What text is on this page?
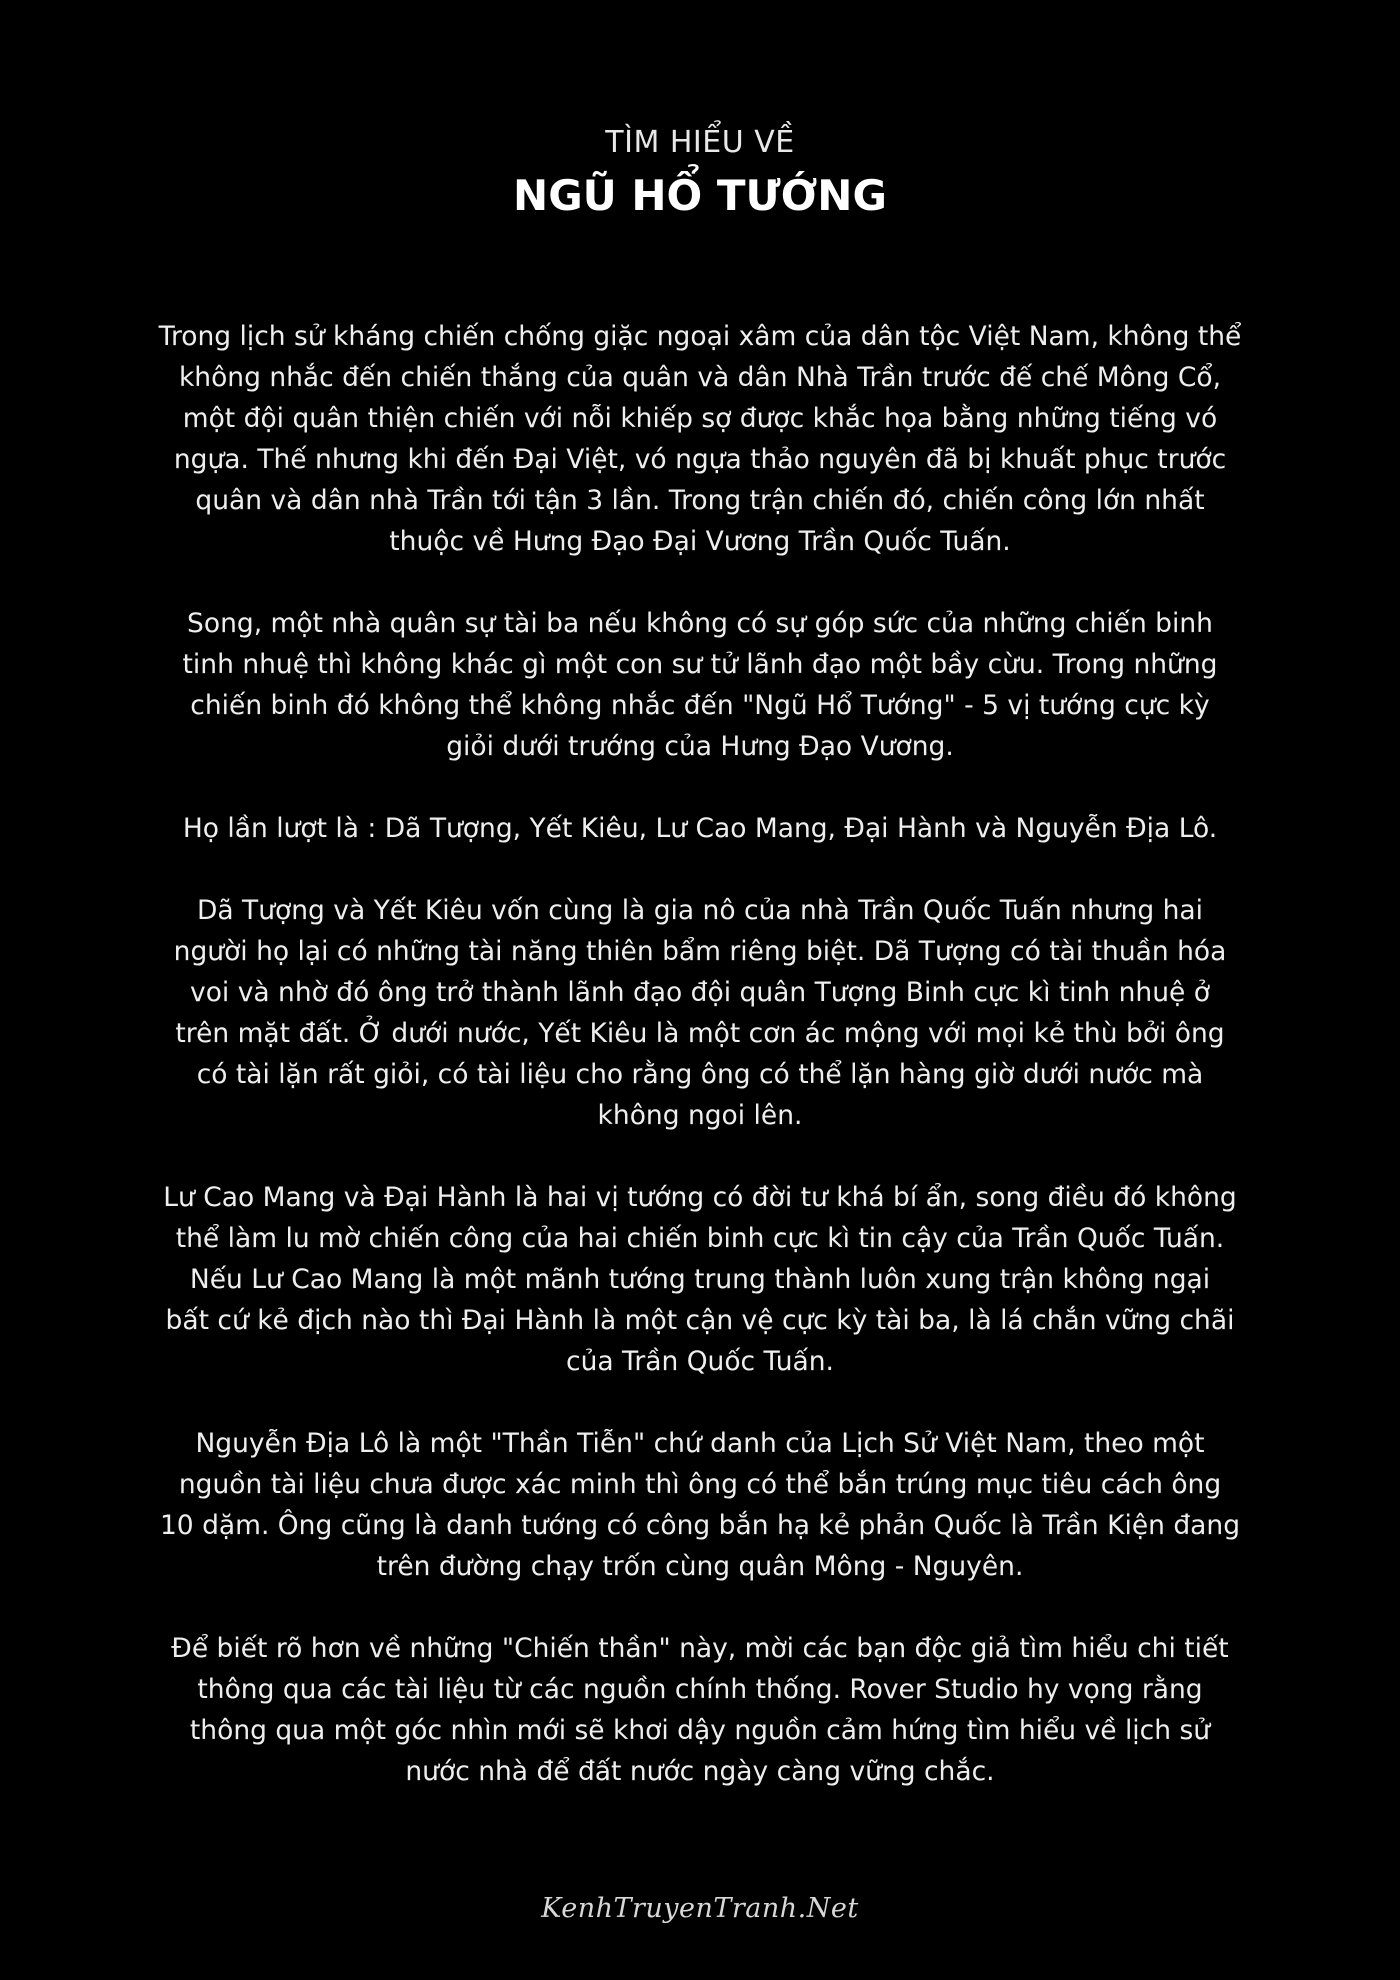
TÌM HIỂU VỀ
NGŨ HỔ TƯỚNG

Trong lịch sử kháng chiến chống giặc ngoại xâm của dân tộc Việt Nam, không thể
không nhắc đến chiến thắng của quân và dân Nhà Trần trước đế chế Mông Cổ,
một đội quân thiện chiến với nỗi khiếp sợ được khắc họa bằng những tiếng vó
ngựa. Thế nhưng khi đến Đại Việt, vó ngựa thảo nguyên đã bị khuất phục trước
quân và dân nhà Trần tới tận 3 lần. Trong trận chiến đó, chiến công lớn nhất
thuộc về Hưng Đạo Đại Vương Trần Quốc Tuấn.

Song, một nhà quân sự tài ba nếu không có sự góp sức của những chiến binh
tinh nhuệ thì không khác gì một con sư tử lãnh đạo một bầy cừu. Trong những
chiến binh đó không thể không nhắc đến "Ngũ Hổ Tướng" - 5 vị tướng cực kỳ
giỏi dưới trướng của Hưng Đạo Vương.

Họ lần lượt là : Dã Tượng, Yết Kiêu, Lư Cao Mang, Đại Hành và Nguyễn Địa Lô.

Dã Tượng và Yết Kiêu vốn cùng là gia nô của nhà Trần Quốc Tuấn nhưng hai
người họ lại có những tài năng thiên bẩm riêng biệt. Dã Tượng có tài thuần hóa
voi và nhờ đó ông trở thành lãnh đạo đội quân Tượng Binh cực kì tinh nhuệ ở
trên mặt đất. Ở dưới nước, Yết Kiêu là một cơn ác mộng với mọi kẻ thù bởi ông
có tài lặn rất giỏi, có tài liệu cho rằng ông có thể lặn hàng giờ dưới nước mà
không ngoi lên.

Lư Cao Mang và Đại Hành là hai vị tướng có đời tư khá bí ẩn, song điều đó không
thể làm lu mờ chiến công của hai chiến binh cực kì tin cậy của Trần Quốc Tuấn.
Nếu Lư Cao Mang là một mãnh tướng trung thành luôn xung trận không ngại
bất cứ kẻ địch nào thì Đại Hành là một cận vệ cực kỳ tài ba, là lá chắn vững chãi
của Trần Quốc Tuấn.

Nguyễn Địa Lô là một "Thần Tiễn" chứ danh của Lịch Sử Việt Nam, theo một
nguồn tài liệu chưa được xác minh thì ông có thể bắn trúng mục tiêu cách ông
10 dặm. Ông cũng là danh tướng có công bắn hạ kẻ phản Quốc là Trần Kiện đang
trên đường chạy trốn cùng quân Mông - Nguyên.

Để biết rõ hơn về những "Chiến thần" này, mời các bạn độc giả tìm hiểu chi tiết
thông qua các tài liệu từ các nguồn chính thống. Rover Studio hy vọng rằng
thông qua một góc nhìn mới sẽ khơi dậy nguồn cảm hứng tìm hiểu về lịch sử
nước nhà để đất nước ngày càng vững chắc.

KenhTruyenTranh.Net
